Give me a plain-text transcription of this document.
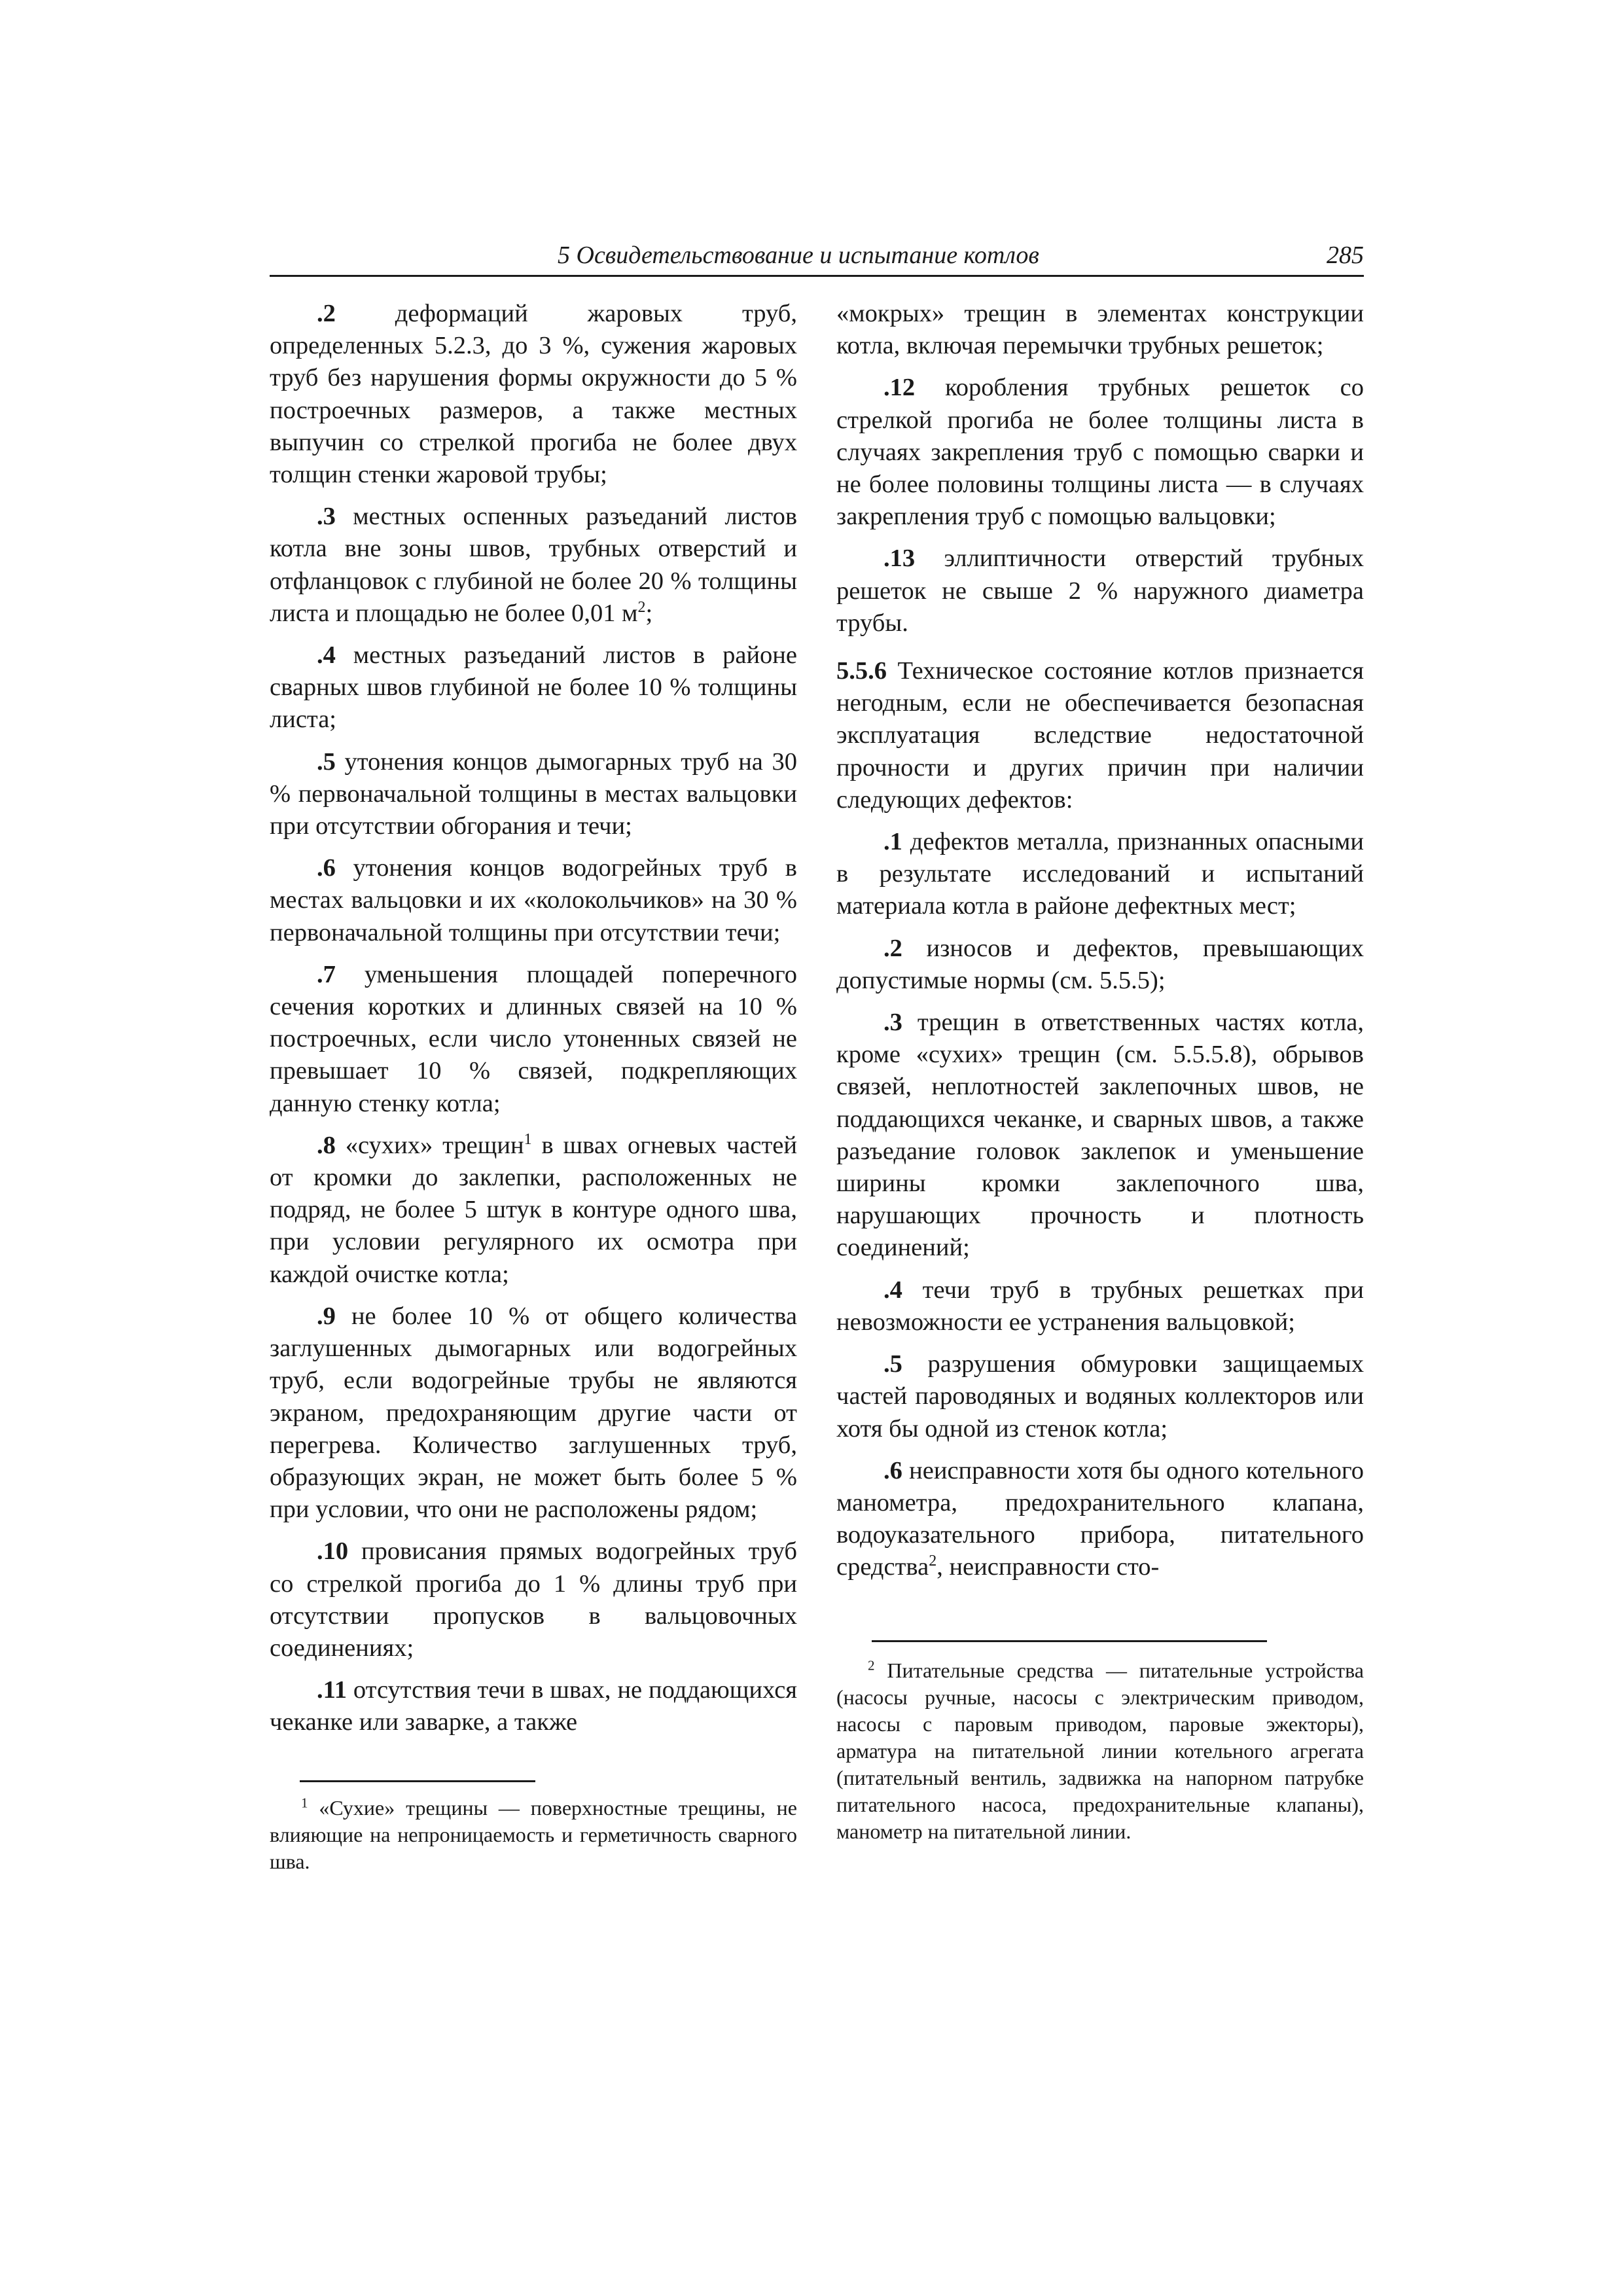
5 Освидетельствование и испытание котлов	285

.2 деформаций жаровых труб, определенных 5.2.3, до 3 %, сужения жаровых труб без нарушения формы окружности до 5 % построечных размеров, а также местных выпучин со стрелкой прогиба не более двух толщин стенки жаровой трубы;

.3 местных оспенных разъеданий листов котла вне зоны швов, трубных отверстий и отфланцовок с глубиной не более 20 % толщины листа и площадью не более 0,01 $м^2$;

.4 местных разъеданий листов в районе сварных швов глубиной не более 10 % толщины листа;

.5 утонения концов дымогарных труб на 30 % первоначальной толщины в местах вальцовки при отсутствии обгорания и течи;

.6 утонения концов водогрейных труб в местах вальцовки и их «колокольчиков» на 30 % первоначальной толщины при отсутствии течи;

.7 уменьшения площадей поперечного сечения коротких и длинных связей на 10 % построечных, если число утоненных связей не превышает 10 % связей, подкрепляющих данную стенку котла;

.8 «сухих» трещин$^1$ в швах огневых частей от кромки до заклепки, расположенных не подряд, не более 5 штук в контуре одного шва, при условии регулярного их осмотра при каждой очистке котла;

.9 не более 10 % от общего количества заглушенных дымогарных или водогрейных труб, если водогрейные трубы не являются экраном, предохраняющим другие части от перегрева. Количество заглушенных труб, образующих экран, не может быть более 5 % при условии, что они не расположены рядом;

.10 провисания прямых водогрейных труб со стрелкой прогиба до 1 % длины труб при отсутствии пропусков в вальцовочных соединениях;

.11 отсутствия течи в швах, не поддающихся чеканке или заварке, а также

$^1$ «Сухие» трещины — поверхностные трещины, не влияющие на непроницаемость и герметичность сварного шва.

«мокрых» трещин в элементах конструкции котла, включая перемычки трубных решеток;

.12 коробления трубных решеток со стрелкой прогиба не более толщины листа в случаях закрепления труб с помощью сварки и не более половины толщины листа — в случаях закрепления труб с помощью вальцовки;

.13 эллиптичности отверстий трубных решеток не свыше 2 % наружного диаметра трубы.

5.5.6 Техническое состояние котлов признается негодным, если не обеспечивается безопасная эксплуатация вследствие недостаточной прочности и других причин при наличии следующих дефектов:

.1 дефектов металла, признанных опасными в результате исследований и испытаний материала котла в районе дефектных мест;

.2 износов и дефектов, превышающих допустимые нормы (см. 5.5.5);

.3 трещин в ответственных частях котла, кроме «сухих» трещин (см. 5.5.5.8), обрывов связей, неплотностей заклепочных швов, не поддающихся чеканке, и сварных швов, а также разъедание головок заклепок и уменьшение ширины кромки заклепочного шва, нарушающих прочность и плотность соединений;

.4 течи труб в трубных решетках при невозможности ее устранения вальцовкой;

.5 разрушения обмуровки защищаемых частей пароводяных и водяных коллекторов или хотя бы одной из стенок котла;

.6 неисправности хотя бы одного котельного манометра, предохранительного клапана, водоуказательного прибора, питательного средства$^2$, неисправности сто-

$^2$ Питательные средства — питательные устройства (насосы ручные, насосы с электрическим приводом, насосы с паровым приводом, паровые эжекторы), арматура на питательной линии котельного агрегата (питательный вентиль, задвижка на напорном патрубке питательного насоса, предохранительные клапаны), манометр на питательной линии.
